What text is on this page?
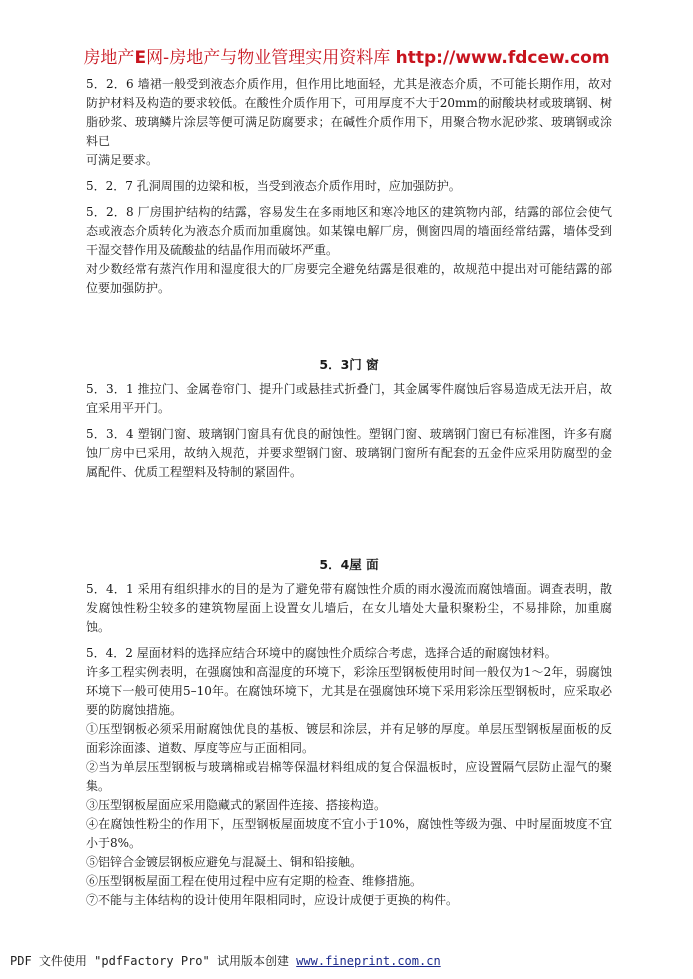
房地产E网-房地产与物业管理实用资料库 http://www.fdcew.com

5．2．6 墙裙一般受到液态介质作用，但作用比地面轻，尤其是液态介质，不可能长期作用，故对防护材料及构造的要求较低。在酸性介质作用下，可用厚度不大于20mm的耐酸块材或玻璃钢、树脂砂浆、玻璃鳞片涂层等便可满足防腐要求；在碱性介质作用下，用聚合物水泥砂浆、玻璃钢或涂料已

可满足要求。

5．2．7 孔洞周围的边梁和板，当受到液态介质作用时，应加强防护。

5．2．8 厂房围护结构的结露，容易发生在多雨地区和寒冷地区的建筑物内部，结露的部位会使气态或液态介质转化为液态介质而加重腐蚀。如某镍电解厂房，侧窗四周的墙面经常结露，墙体受到干湿交替作用及硫酸盐的结晶作用而破坏严重。

对少数经常有蒸汽作用和湿度很大的厂房要完全避免结露是很难的，故规范中提出对可能结露的部位要加强防护。

5．3门 窗

5．3．1 推拉门、金属卷帘门、提升门或悬挂式折叠门，其金属零件腐蚀后容易造成无法开启，故宜采用平开门。

5．3．4 塑钢门窗、玻璃钢门窗具有优良的耐蚀性。塑钢门窗、玻璃钢门窗已有标准图，许多有腐蚀厂房中已采用，故纳入规范，并要求塑钢门窗、玻璃钢门窗所有配套的五金件应采用防腐型的金属配件、优质工程塑料及特制的紧固件。

5．4屋 面

5．4．1 采用有组织排水的目的是为了避免带有腐蚀性介质的雨水漫流而腐蚀墙面。调查表明，散发腐蚀性粉尘较多的建筑物屋面上设置女儿墙后，在女儿墙处大量积聚粉尘，不易排除，加重腐蚀。

5．4．2 屋面材料的选择应结合环境中的腐蚀性介质综合考虑，选择合适的耐腐蚀材料。

许多工程实例表明，在强腐蚀和高湿度的环境下，彩涂压型钢板使用时间一般仅为1～2年，弱腐蚀环境下一般可使用5–10年。在腐蚀环境下，尤其是在强腐蚀环境下采用彩涂压型钢板时，应采取必要的防腐蚀措施。

①压型钢板必须采用耐腐蚀优良的基板、镀层和涂层，并有足够的厚度。单层压型钢板屋面板的反面彩涂面漆、道数、厚度等应与正面相同。

②当为单层压型钢板与玻璃棉或岩棉等保温材料组成的复合保温板时，应设置隔气层防止湿气的聚集。

③压型钢板屋面应采用隐藏式的紧固件连接、搭接构造。

④在腐蚀性粉尘的作用下，压型钢板屋面坡度不宜小于10%，腐蚀性等级为强、中时屋面坡度不宜小于8%。

⑤铝锌合金镀层钢板应避免与混凝土、铜和铅接触。

⑥压型钢板屋面工程在使用过程中应有定期的检查、维修措施。

⑦不能与主体结构的设计使用年限相同时，应设计成便于更换的构件。

PDF 文件使用 "pdfFactory Pro" 试用版本创建 www.fineprint.com.cn
